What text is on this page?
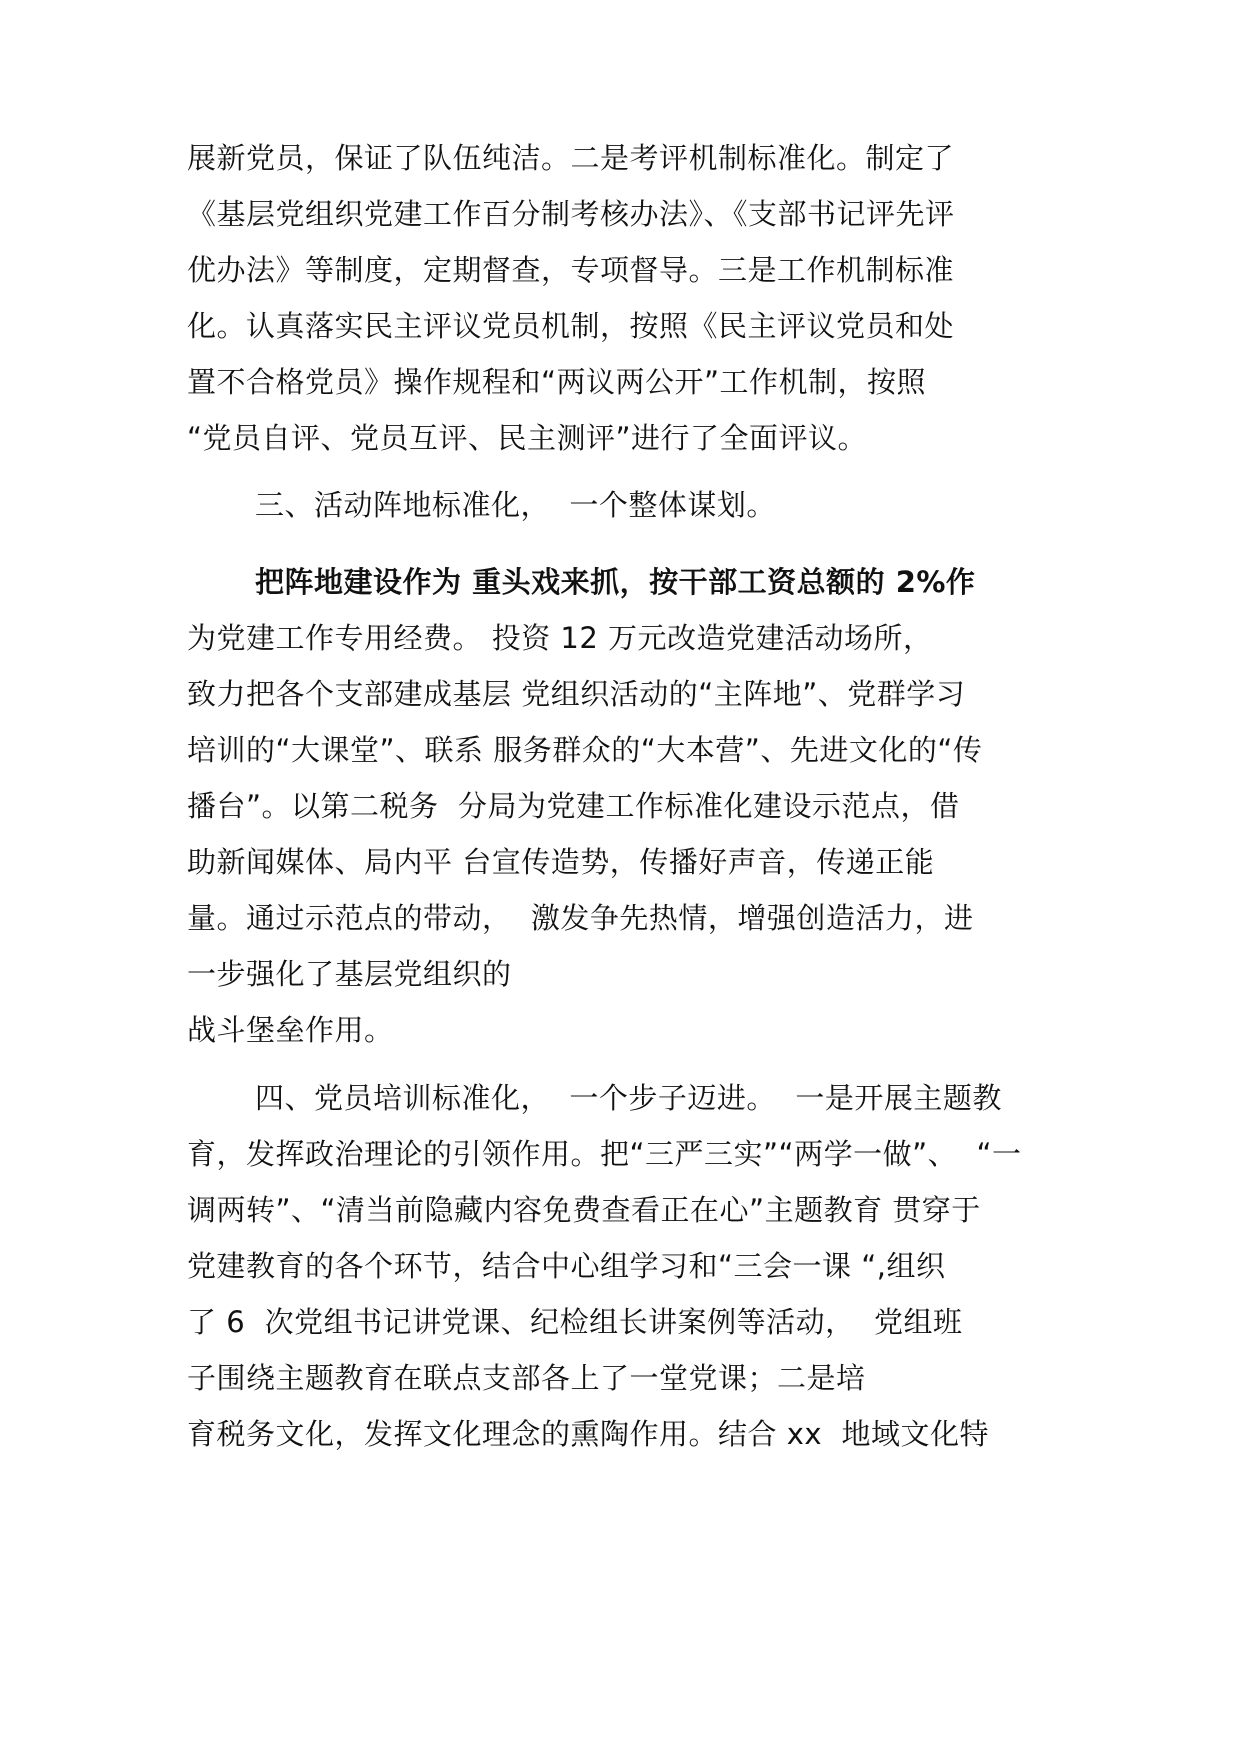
展新党员，保证了队伍纯洁。二是考评机制标准化。制定了
《基层党组织党建工作百分制考核办法》、《支部书记评先评
优办法》等制度，定期督查，专项督导。三是工作机制标准
化。认真落实民主评议党员机制，按照《民主评议党员和处
置不合格党员》操作规程和“两议两公开”工作机制，按照
“党员自评、党员互评、民主测评”进行了全面评议。
三、活动阵地标准化，  一个整体谋划。
把阵地建设作为 重头戏来抓，按干部工资总额的 2%作
为党建工作专用经费。 投资 12 万元改造党建活动场所，
致力把各个支部建成基层 党组织活动的“主阵地”、党群学习
培训的“大课堂”、联系 服务群众的“大本营”、先进文化的“传
播台”。以第二税务  分局为党建工作标准化建设示范点，借
助新闻媒体、局内平 台宣传造势，传播好声音，传递正能
量。通过示范点的带动，  激发争先热情，增强创造活力，进
一步强化了基层党组织的
战斗堡垒作用。
四、党员培训标准化，  一个步子迈进。  一是开展主题教
育，发挥政治理论的引领作用。把“三严三实”“两学一做”、  “一
调两转”、“清当前隐藏内容免费查看正在心”主题教育 贯穿于
党建教育的各个环节，结合中心组学习和“三会一课 “,组织
了 6  次党组书记讲党课、纪检组长讲案例等活动，  党组班
子围绕主题教育在联点支部各上了一堂党课；二是培
育税务文化，发挥文化理念的熏陶作用。结合 xx  地域文化特
